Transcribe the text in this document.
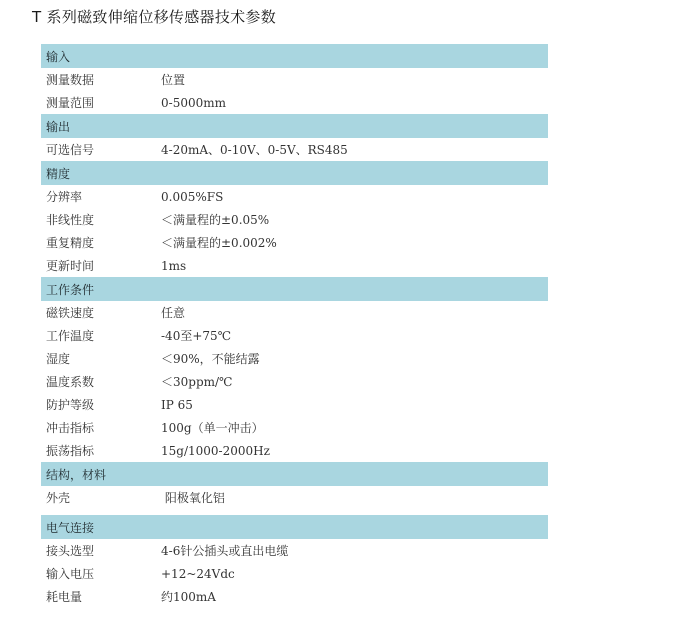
T 系列磁致伸缩位移传感器技术参数
输入
测量数据	位置
测量范围	0-5000mm
输出
可选信号	4-20mA、0-10V、0-5V、RS485
精度
分辨率	0.005%FS
非线性度	＜满量程的±0.05%
重复精度	＜满量程的±0.002%
更新时间	1ms
工作条件
磁铁速度	任意
工作温度	-40至+75℃
湿度	＜90%，不能结露
温度系数	＜30ppm/℃
防护等级	IP 65
冲击指标	100g（单一冲击）
振荡指标	15g/1000-2000Hz
结构，材料
外壳	阳极氧化铝
电气连接
接头选型	4-6针公插头或直出电缆
输入电压	+12~24Vdc
耗电量	约100mA
